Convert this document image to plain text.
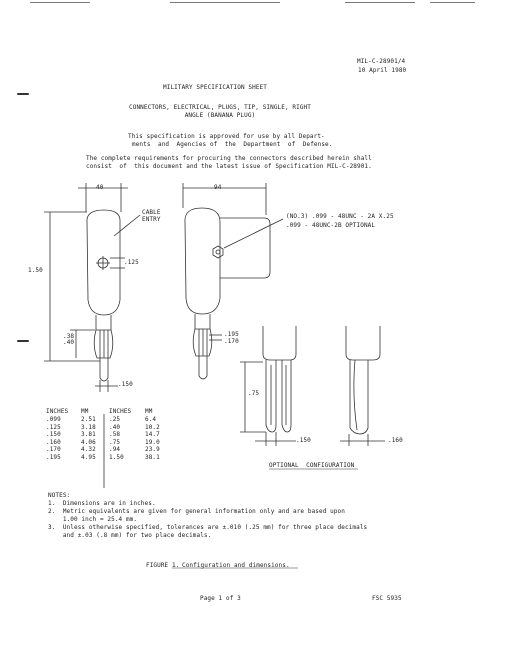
MIL-C-28901/4
10 April 1980
MILITARY SPECIFICATION SHEET
CONNECTORS, ELECTRICAL, PLUGS, TIP, SINGLE, RIGHT
ANGLE (BANANA PLUG)
This specification is approved for use by all Depart-
ments  and  Agencies of  the  Department  of  Defense.
The complete requirements for procuring the connectors described herein shall
consist  of  this document and the latest issue of Specification MIL-C-28901.
40	94
CABLE
ENTRY
.125
1.50
.38
.40
.150
(NO.3) .099 - 48UNC - 2A X.25
.099 - 48UNC-2B OPTIONAL
.195
.170
.75
.150	.160
OPTIONAL  CONFIGURATION
INCHES	MM	INCHES	MM
.099	2.51	.25	6.4
.125	3.18	.40	10.2
.150	3.81	.58	14.7
.160	4.06	.75	19.0
.170	4.32	.94	23.9
.195	4.95	1.50	38.1
NOTES:
1.  Dimensions are in inches.
2.  Metric equivalents are given for general information only and are based upon
1.00 inch = 25.4 mm.
3.  Unless otherwise specified, tolerances are ±.010 (.25 mm) for three place decimals
and ±.03 (.8 mm) for two place decimals.
FIGURE 1. Configuration and dimensions.
Page 1 of 3	FSC 5935
